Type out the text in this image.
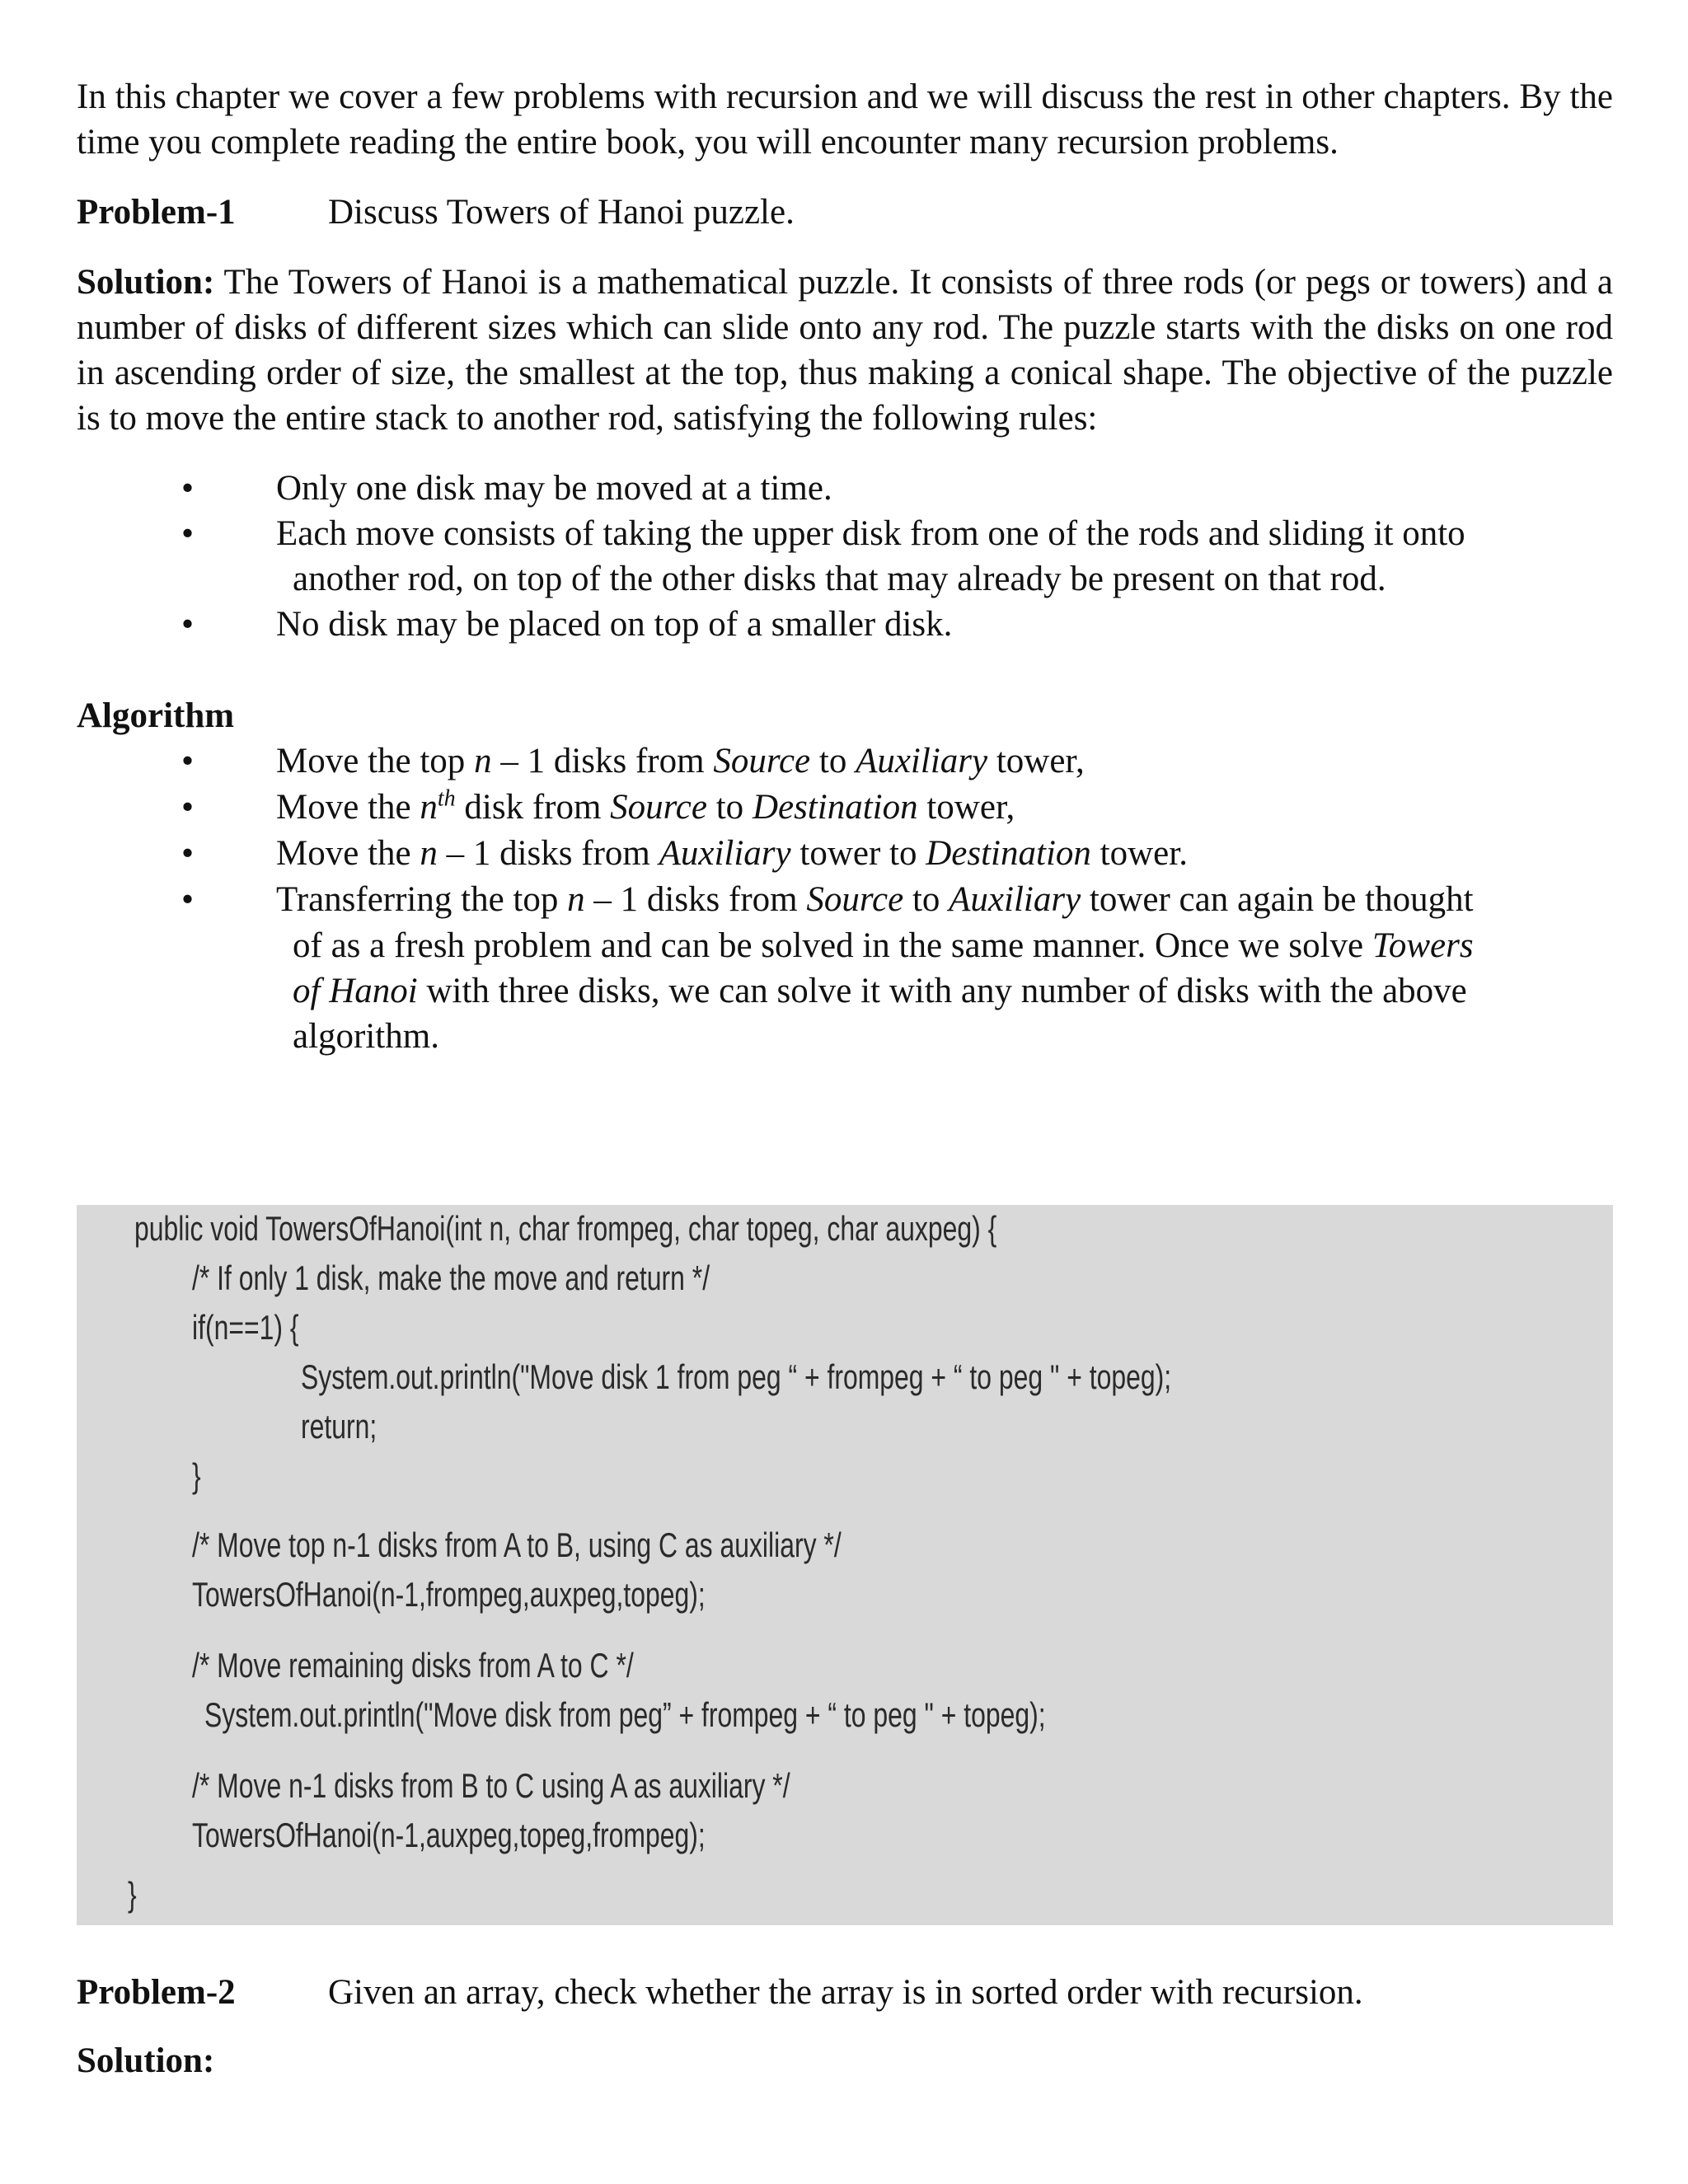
In this chapter we cover a few problems with recursion and we will discuss the rest in other chapters. By the time you complete reading the entire book, you will encounter many recursion problems.

Problem-1	Discuss Towers of Hanoi puzzle.

Solution: The Towers of Hanoi is a mathematical puzzle. It consists of three rods (or pegs or towers) and a number of disks of different sizes which can slide onto any rod. The puzzle starts with the disks on one rod in ascending order of size, the smallest at the top, thus making a conical shape. The objective of the puzzle is to move the entire stack to another rod, satisfying the following rules:

• Only one disk may be moved at a time.
• Each move consists of taking the upper disk from one of the rods and sliding it onto
another rod, on top of the other disks that may already be present on that rod.
• No disk may be placed on top of a smaller disk.
Algorithm
• Move the top n – 1 disks from Source to Auxiliary tower,
• Move the $n^{th}$ disk from Source to Destination tower,
• Move the n – 1 disks from Auxiliary tower to Destination tower.
• Transferring the top n – 1 disks from Source to Auxiliary tower can again be thought
of as a fresh problem and can be solved in the same manner. Once we solve Towers
of Hanoi with three disks, we can solve it with any number of disks with the above
algorithm.
public void TowersOfHanoi(int n, char frompeg, char topeg, char auxpeg) {
/* If only 1 disk, make the move and return */
if(n==1) {
System.out.println("Move disk 1 from peg “ + frompeg + “ to peg " + topeg);
return;
}
/* Move top n-1 disks from A to B, using C as auxiliary */
TowersOfHanoi(n-1,frompeg,auxpeg,topeg);
/* Move remaining disks from A to C */
System.out.println("Move disk from peg” + frompeg + “ to peg " + topeg);
/* Move n-1 disks from B to C using A as auxiliary */
TowersOfHanoi(n-1,auxpeg,topeg,frompeg);
}
Problem-2	Given an array, check whether the array is in sorted order with recursion.
Solution:
